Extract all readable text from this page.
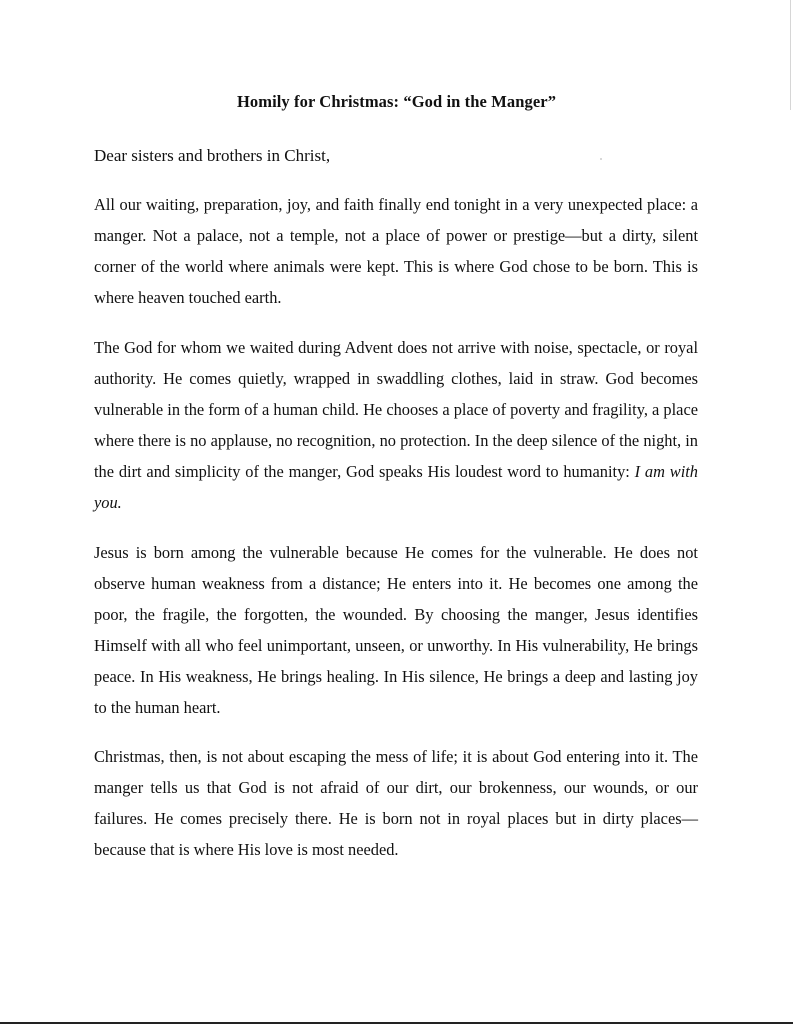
Homily for Christmas: “God in the Manger”
Dear sisters and brothers in Christ,

All our waiting, preparation, joy, and faith finally end tonight in a very unexpected place: a manger. Not a palace, not a temple, not a place of power or prestige—but a dirty, silent corner of the world where animals were kept. This is where God chose to be born. This is where heaven touched earth.

The God for whom we waited during Advent does not arrive with noise, spectacle, or royal authority. He comes quietly, wrapped in swaddling clothes, laid in straw. God becomes vulnerable in the form of a human child. He chooses a place of poverty and fragility, a place where there is no applause, no recognition, no protection. In the deep silence of the night, in the dirt and simplicity of the manger, God speaks His loudest word to humanity: I am with you.

Jesus is born among the vulnerable because He comes for the vulnerable. He does not observe human weakness from a distance; He enters into it. He becomes one among the poor, the fragile, the forgotten, the wounded. By choosing the manger, Jesus identifies Himself with all who feel unimportant, unseen, or unworthy. In His vulnerability, He brings peace. In His weakness, He brings healing. In His silence, He brings a deep and lasting joy to the human heart.

Christmas, then, is not about escaping the mess of life; it is about God entering into it. The manger tells us that God is not afraid of our dirt, our brokenness, our wounds, or our failures. He comes precisely there. He is born not in royal places but in dirty places—because that is where His love is most needed.
